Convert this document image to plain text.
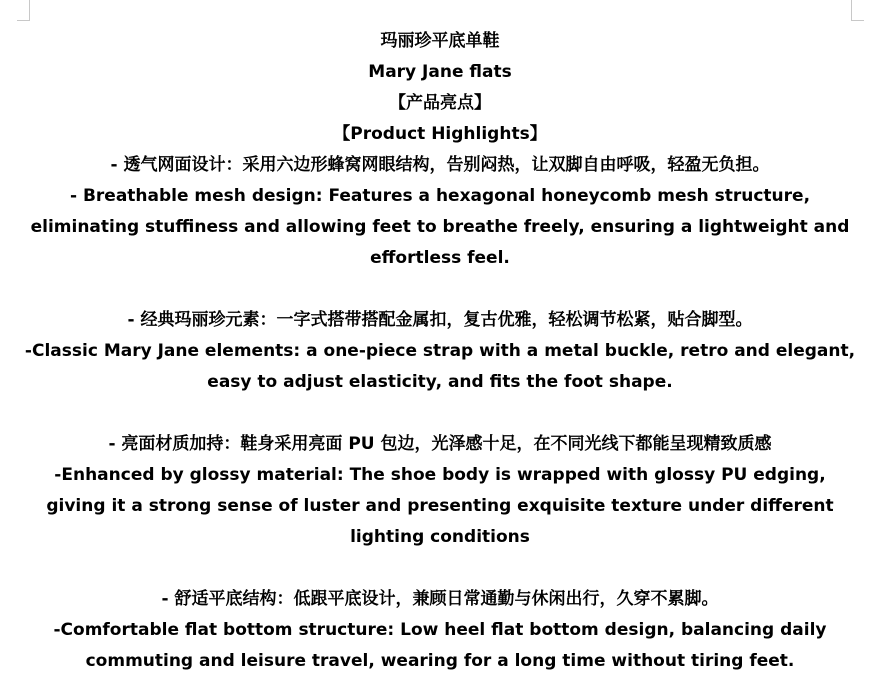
玛丽珍平底单鞋
Mary Jane flats
【产品亮点】
【Product Highlights】
- 透气网面设计：采用六边形蜂窝网眼结构，告别闷热，让双脚自由呼吸，轻盈无负担。
- Breathable mesh design: Features a hexagonal honeycomb mesh structure, eliminating stuffiness and allowing feet to breathe freely, ensuring a lightweight and effortless feel.
- 经典玛丽珍元素：一字式搭带搭配金属扣，复古优雅，轻松调节松紧，贴合脚型。
-Classic Mary Jane elements: a one-piece strap with a metal buckle, retro and elegant, easy to adjust elasticity, and fits the foot shape.
- 亮面材质加持：鞋身采用亮面 PU 包边，光泽感十足，在不同光线下都能呈现精致质感
-Enhanced by glossy material: The shoe body is wrapped with glossy PU edging, giving it a strong sense of luster and presenting exquisite texture under different lighting conditions
- 舒适平底结构：低跟平底设计，兼顾日常通勤与休闲出行，久穿不累脚。
-Comfortable flat bottom structure: Low heel flat bottom design, balancing daily commuting and leisure travel, wearing for a long time without tiring feet.
